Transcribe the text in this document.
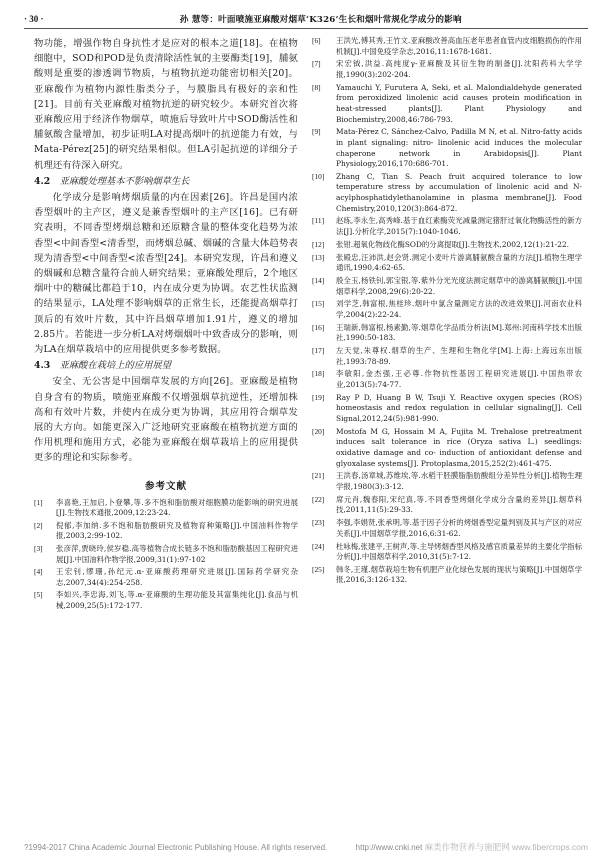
· 30 ·	孙 慧等：叶面喷施亚麻酸对烟草‘K326’生长和烟叶常规化学成分的影响

物功能，增强作物自身抗性才是应对的根本之道[18]。在植物细胞中，SOD和POD是负责清除活性氧的主要酶类[19]，脯氨酸则是重要的渗透调节物质，与植物抗逆功能密切相关[20]。亚麻酸作为植物内源性脂类分子，与膜脂具有极好的亲和性[21]。目前有关亚麻酸对植物抗逆的研究较少。本研究首次将亚麻酸应用于经济作物烟草，喷施后导致叶片中SOD酶活性和脯氨酸含量增加，初步证明LA对提高烟叶的抗逆能力有效，与Mata-Pérez[25]的研究结果相似。但LA引起抗逆的详细分子机理还有待深入研究。

4.2 亚麻酸处理基本不影响烟草生长

化学成分是影响烤烟质量的内在因素[26]。许昌是国内浓香型烟叶的主产区，遵义是兼香型烟叶的主产区[16]。已有研究表明，不同香型烤烟总糖和还原糖含量的整体变化趋势为浓香型<中间香型<清香型，而烤烟总碱、烟碱的含量大体趋势表现为清香型<中间香型<浓香型[24]。本研究发现，许昌和遵义的烟碱和总糖含量符合前人研究结果；亚麻酸处理后，2个地区烟叶中的糖碱比都趋于10，内在成分更为协调。农艺性状监测的结果显示，LA处理不影响烟草的正常生长，还能提高烟草打顶后的有效叶片数，其中许昌烟草增加1.91片，遵义的增加2.85片。若能进一步分析LA对烤烟烟叶中致香成分的影响，则为LA在烟草栽培中的应用提供更多参考数据。

4.3 亚麻酸在栽培上的应用展望

安全、无公害是中国烟草发展的方向[26]。亚麻酸是植物自身含有的物质，喷施亚麻酸不仅增强烟草抗逆性，还增加株高和有效叶片数，并使内在成分更为协调，其应用符合烟草发展的大方向。如能更深入广泛地研究亚麻酸在植物抗逆方面的作用机理和施用方式，必能为亚麻酸在烟草栽培上的应用提供更多的理论和实际参考。

参考文献
[1]	李喜艳,王加启,卜登攀,等.多不饱和脂肪酸对细胞膜功能影响的研究进展[J].生物技术通报,2009,12:23-24.
[2]	倪郁,李加纳.多不饱和脂肪酸研究及植物育种策略[J].中国油料作物学报,2003,2:99-102.
[3]	张彦萍,贾晓玲,侯岁稳.高等植物合成长链多不饱和脂肪酸基因工程研究进展[J].中国油料作物学报,2009,31(1):97-102
[4]	王宏钊,缪珊,孙纪元.α-亚麻酸药理研究进展[J].国际药学研究杂志,2007,34(4):254-258.
[5]	李如兴,李忠海,刘飞,等.α-亚麻酸的生理功能及其富集纯化[J].食品与机械,2009,25(5):172-177.
[6]	王洪光,傅其秀,王竹文.亚麻酸改善高血压老年患者血管内皮细胞损伤的作用机制[J].中国免疫学杂志,2016,11:1678-1681.
[7]	宋宏钺,洪益.高纯度γ-亚麻酸及其衍生物的制备[J].沈阳药科大学学报,1990(3):202-204.
[8]	Yamauchi Y, Furutera A, Seki, et al. Malondialdehyde generated from peroxidized linolenic acid causes protein modification in heat-stressed plants[J]. Plant Physiology and Biochemistry,2008,46:786-793.
[9]	Mata-Pérez C, Sánchez-Calvo, Padilla M N, et al. Nitro-fatty acids in plant signaling: nitro- linolenic acid induces the molecular chaperone network in Arabidopsis[J]. Plant Physiology,2016,170:686-701.
[10]	Zhang C, Tian S. Peach fruit acquired tolerance to low temperature stress by accumulation of linolenic acid and N-acylphosphatidylethanolamine in plasma membrane[J]. Food Chemistry,2010,120(3):864-872.
[11]	赵练,李永生,高秀峰.基于血红素酶荧光减量测定猪肝过氧化物酶活性的新方法[J].分析化学,2015(7):1040-1046.
[12]	张钳.超氧化物歧化酶SOD的分离提取[J].生物技术,2002,12(1):21-22.
[13]	张殿忠,汪沛洪,赵会贤.测定小麦叶片游离脯氨酸含量的方法[J].植物生理学通讯,1990,4:62-65.
[14]	殷全玉,杨铁钊,郭宝银,等.紫外分光光度法测定烟草中的游离脯氨酸[J].中国烟草科学,2008,29(6):20-22.
[15]	刘学芝,韩富根,焦桂珍.烟叶中氯含量测定方法的改进效果[J].河南农业科学,2004(2):22-24.
[16]	王瑞新,韩富根,杨素勤,等.烟草化学品质分析法[M].郑州:河南科学技术出版社,1990:50-183.
[17]	左天觉,朱尊权.烟草的生产、生理和生物化学[M].上海:上海远东出版社,1993:78-89.
[18]	李敏阳,金杰强,王必尊.作物抗性基因工程研究进展[J].中国热带农业,2013(5):74-77.
[19]	Ray P D, Huang B W, Tsuji Y. Reactive oxygen species (ROS) homeostasis and redox regulation in cellular signaling[J]. Cell Signal,2012,24(5):981-990.
[20]	Mostofa M G, Hossain M A, Fujita M. Trehalose pretreatment induces salt tolerance in rice (Oryza sativa L.) seedlings: oxidative damage and co- induction of antioxidant defense and glyoxalase systems[J]. Protoplasma,2015,252(2):461-475.
[21]	王洪春,汤章城,苏维埃,等.水稻干胚膜脂脂肪酸组分差异性分析[J].植物生理学报,1980(3):3-12.
[22]	席元肖,魏春阳,宋纪真,等.不同香型烤烟化学成分含量的差异[J].烟草科技,2011,11(5):29-33.
[23]	李强,李娟贤,张承明,等.基于因子分析的烤烟香型定量判别及其与产区的对应关系[J].中国烟草学报,2016,6:31-62.
[24]	杜咏梅,张建平,王树声,等.主导烤烟香型风格及感官质量差异的主要化学指标分析[J].中国烟草科学,2010,31(5):7-12.
[25]	韩冬,王瑾.烟草栽培生物有机肥产业化绿色发展的现状与策略[J].中国烟草学报,2016,3:126-132.
?1994-2017 China Academic Journal Electronic Publishing House. All rights reserved.	http://www.cnki.net 麻类作物营养与施肥网 www.fibercrops.com
